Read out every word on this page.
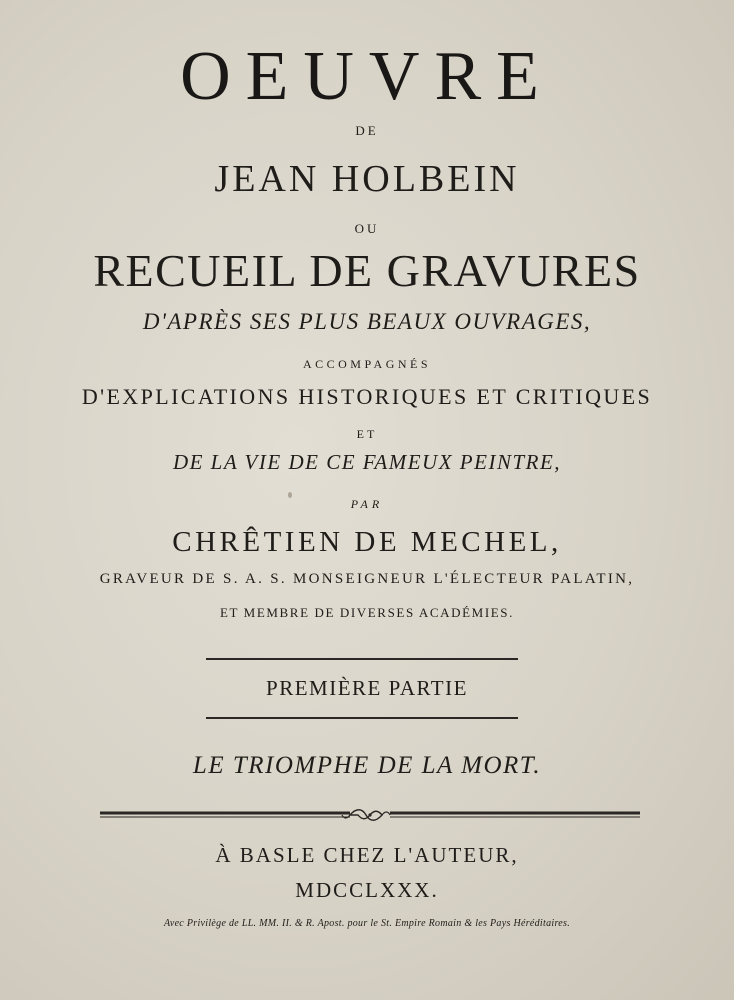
OEUVRE
DE
JEAN HOLBEIN
OU
RECUEIL DE GRAVURES
D'APRÈS SES PLUS BEAUX OUVRAGES,
ACCOMPAGNÉS
D'EXPLICATIONS HISTORIQUES ET CRITIQUES
ET
DE LA VIE DE CE FAMEUX PEINTRE,
PAR
CHRÊTIEN DE MECHEL,
GRAVEUR DE S. A. S. MONSEIGNEUR L'ÉLECTEUR PALATIN,
ET MEMBRE DE DIVERSES ACADÉMIES.
PREMIÈRE PARTIE
LE TRIOMPHE DE LA MORT.
À BASLE CHEZ L'AUTEUR,
MDCCLXXX.
Avec Privilège de LL. MM. II. & R. Apost. pour le St. Empire Romain & les Pays Héréditaires.
